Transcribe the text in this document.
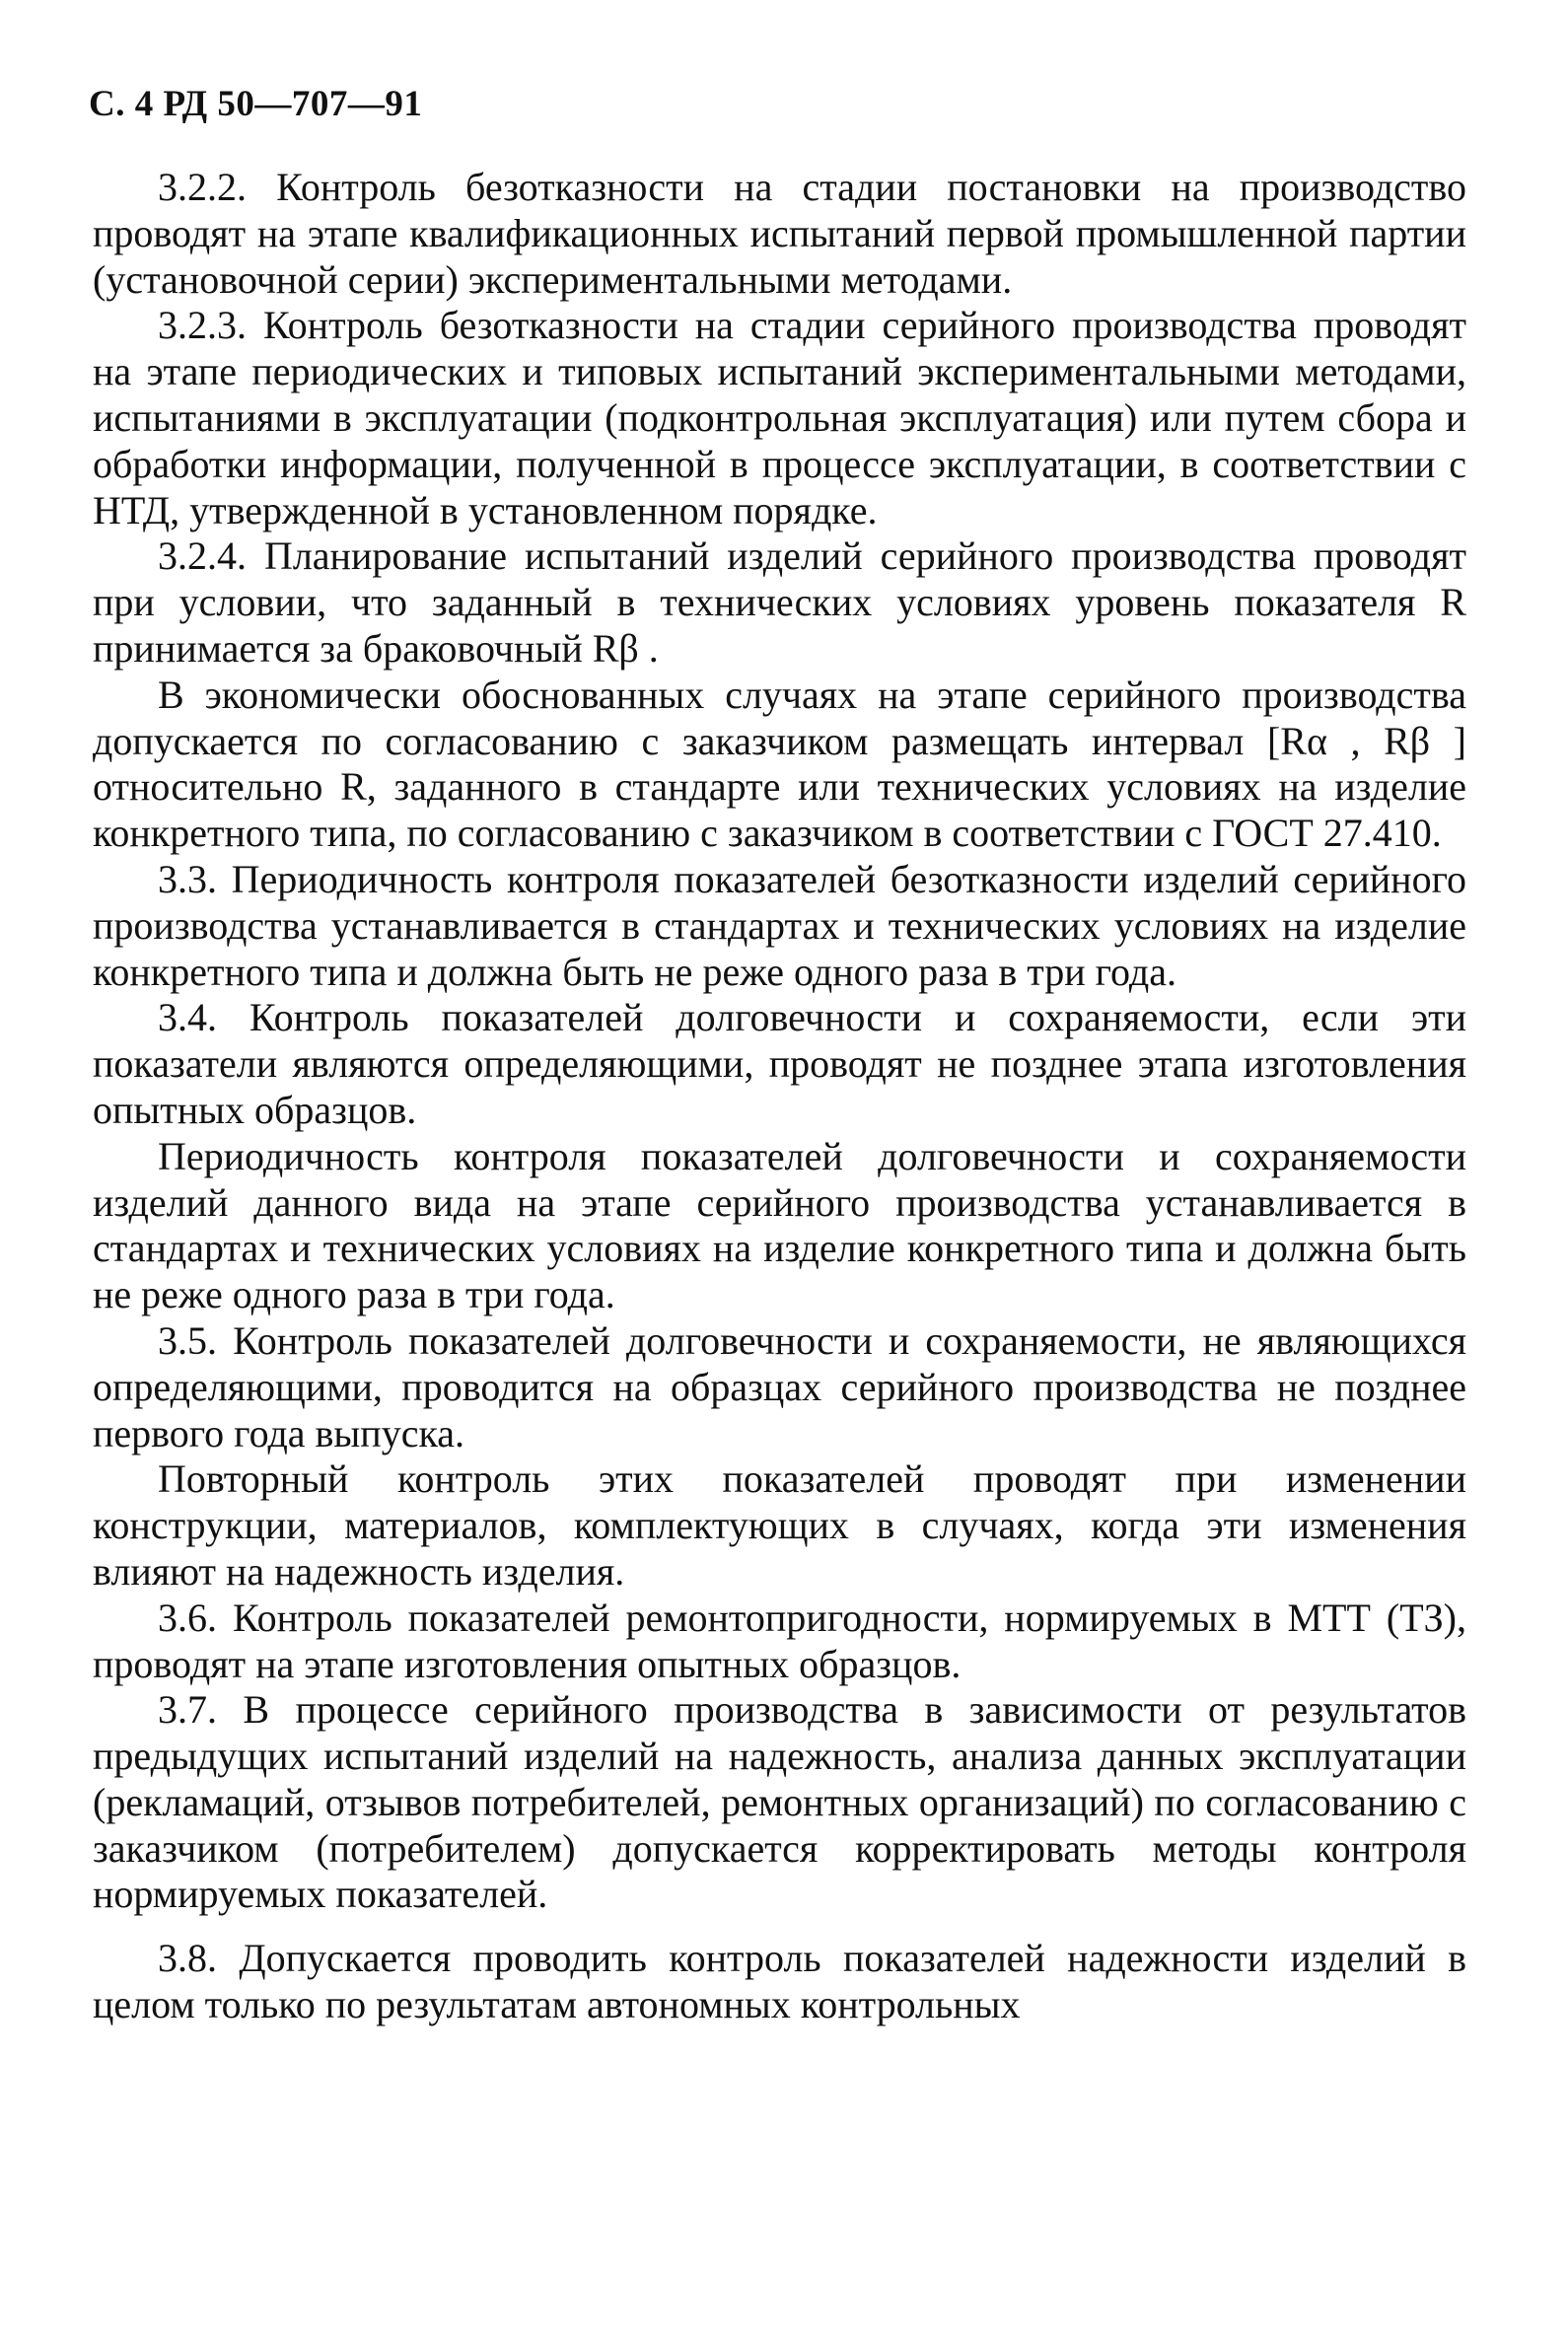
С. 4 РД 50—707—91

3.2.2. Контроль безотказности на стадии постановки на производство проводят на этапе квалификационных испытаний первой промышленной партии (установочной серии) экспериментальными методами.

3.2.3. Контроль безотказности на стадии серийного производства проводят на этапе периодических и типовых испытаний экспериментальными методами, испытаниями в эксплуатации (подконтрольная эксплуатация) или путем сбора и обработки информации, полученной в процессе эксплуатации, в соответствии с НТД, утвержденной в установленном порядке.

3.2.4. Планирование испытаний изделий серийного производства проводят при условии, что заданный в технических условиях уровень показателя R принимается за браковочный Rβ .

В экономически обоснованных случаях на этапе серийного производства допускается по согласованию с заказчиком размещать интервал [Rα , Rβ ] относительно R, заданного в стандарте или технических условиях на изделие конкретного типа, по согласованию с заказчиком в соответствии с ГОСТ 27.410.

3.3. Периодичность контроля показателей безотказности изделий серийного производства устанавливается в стандартах и технических условиях на изделие конкретного типа и должна быть не реже одного раза в три года.

3.4. Контроль показателей долговечности и сохраняемости, если эти показатели являются определяющими, проводят не позднее этапа изготовления опытных образцов.

Периодичность контроля показателей долговечности и сохраняемости изделий данного вида на этапе серийного производства устанавливается в стандартах и технических условиях на изделие конкретного типа и должна быть не реже одного раза в три года.

3.5. Контроль показателей долговечности и сохраняемости, не являющихся определяющими, проводится на образцах серийного производства не позднее первого года выпуска.

Повторный контроль этих показателей проводят при изменении конструкции, материалов, комплектующих в случаях, когда эти изменения влияют на надежность изделия.

3.6. Контроль показателей ремонтопригодности, нормируемых в МТТ (ТЗ), проводят на этапе изготовления опытных образцов.

3.7. В процессе серийного производства в зависимости от результатов предыдущих испытаний изделий на надежность, анализа данных эксплуатации (рекламаций, отзывов потребителей, ремонтных организаций) по согласованию с заказчиком (потребителем) допускается корректировать методы контроля нормируемых показателей.

3.8. Допускается проводить контроль показателей надежности изделий в целом только по результатам автономных контрольных
